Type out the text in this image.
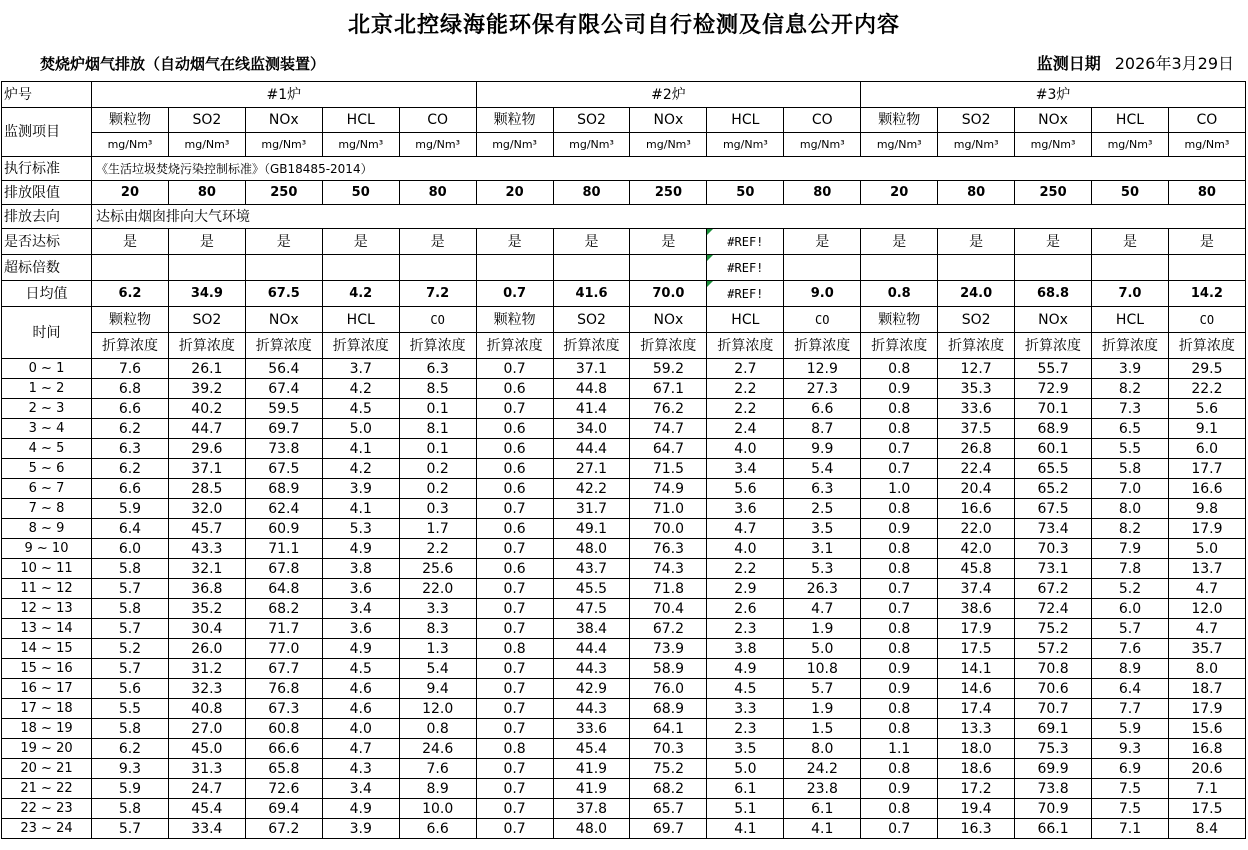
北京北控绿海能环保有限公司自行检测及信息公开内容
焚烧炉烟气排放（自动烟气在线监测装置）	监测日期 2026年3月29日
炉号	#1炉					#2炉					#3炉				
监测项目	颗粒物	SO2	NOx	HCL	CO	颗粒物	SO2	NOx	HCL	CO	颗粒物	SO2	NOx	HCL	CO
	mg/Nm³	mg/Nm³	mg/Nm³	mg/Nm³	mg/Nm³	mg/Nm³	mg/Nm³	mg/Nm³	mg/Nm³	mg/Nm³	mg/Nm³	mg/Nm³	mg/Nm³	mg/Nm³	mg/Nm³
执行标准	《生活垃圾焚烧污染控制标准》（GB18485-2014）														
排放限值	20	80	250	50	80	20	80	250	50	80	20	80	250	50	80
排放去向	达标由烟囱排向大气环境														
是否达标	是	是	是	是	是	是	是	是	#REF!	是	是	是	是	是	是
超标倍数									#REF!						
日均值	6.2	34.9	67.5	4.2	7.2	0.7	41.6	70.0	#REF!	9.0	0.8	24.0	68.8	7.0	14.2
时间	颗粒物	SO2	NOx	HCL	CO	颗粒物	SO2	NOx	HCL	CO	颗粒物	SO2	NOx	HCL	CO
	折算浓度	折算浓度	折算浓度	折算浓度	折算浓度	折算浓度	折算浓度	折算浓度	折算浓度	折算浓度	折算浓度	折算浓度	折算浓度	折算浓度	折算浓度
0 ~ 1	7.6	26.1	56.4	3.7	6.3	0.7	37.1	59.2	2.7	12.9	0.8	12.7	55.7	3.9	29.5
1 ~ 2	6.8	39.2	67.4	4.2	8.5	0.6	44.8	67.1	2.2	27.3	0.9	35.3	72.9	8.2	22.2
2 ~ 3	6.6	40.2	59.5	4.5	0.1	0.7	41.4	76.2	2.2	6.6	0.8	33.6	70.1	7.3	5.6
3 ~ 4	6.2	44.7	69.7	5.0	8.1	0.6	34.0	74.7	2.4	8.7	0.8	37.5	68.9	6.5	9.1
4 ~ 5	6.3	29.6	73.8	4.1	0.1	0.6	44.4	64.7	4.0	9.9	0.7	26.8	60.1	5.5	6.0
5 ~ 6	6.2	37.1	67.5	4.2	0.2	0.6	27.1	71.5	3.4	5.4	0.7	22.4	65.5	5.8	17.7
6 ~ 7	6.6	28.5	68.9	3.9	0.2	0.6	42.2	74.9	5.6	6.3	1.0	20.4	65.2	7.0	16.6
7 ~ 8	5.9	32.0	62.4	4.1	0.3	0.7	31.7	71.0	3.6	2.5	0.8	16.6	67.5	8.0	9.8
8 ~ 9	6.4	45.7	60.9	5.3	1.7	0.6	49.1	70.0	4.7	3.5	0.9	22.0	73.4	8.2	17.9
9 ~ 10	6.0	43.3	71.1	4.9	2.2	0.7	48.0	76.3	4.0	3.1	0.8	42.0	70.3	7.9	5.0
10 ~ 11	5.8	32.1	67.8	3.8	25.6	0.6	43.7	74.3	2.2	5.3	0.8	45.8	73.1	7.8	13.7
11 ~ 12	5.7	36.8	64.8	3.6	22.0	0.7	45.5	71.8	2.9	26.3	0.7	37.4	67.2	5.2	4.7
12 ~ 13	5.8	35.2	68.2	3.4	3.3	0.7	47.5	70.4	2.6	4.7	0.7	38.6	72.4	6.0	12.0
13 ~ 14	5.7	30.4	71.7	3.6	8.3	0.7	38.4	67.2	2.3	1.9	0.8	17.9	75.2	5.7	4.7
14 ~ 15	5.2	26.0	77.0	4.9	1.3	0.8	44.4	73.9	3.8	5.0	0.8	17.5	57.2	7.6	35.7
15 ~ 16	5.7	31.2	67.7	4.5	5.4	0.7	44.3	58.9	4.9	10.8	0.9	14.1	70.8	8.9	8.0
16 ~ 17	5.6	32.3	76.8	4.6	9.4	0.7	42.9	76.0	4.5	5.7	0.9	14.6	70.6	6.4	18.7
17 ~ 18	5.5	40.8	67.3	4.6	12.0	0.7	44.3	68.9	3.3	1.9	0.8	17.4	70.7	7.7	17.9
18 ~ 19	5.8	27.0	60.8	4.0	0.8	0.7	33.6	64.1	2.3	1.5	0.8	13.3	69.1	5.9	15.6
19 ~ 20	6.2	45.0	66.6	4.7	24.6	0.8	45.4	70.3	3.5	8.0	1.1	18.0	75.3	9.3	16.8
20 ~ 21	9.3	31.3	65.8	4.3	7.6	0.7	41.9	75.2	5.0	24.2	0.8	18.6	69.9	6.9	20.6
21 ~ 22	5.9	24.7	72.6	3.4	8.9	0.7	41.9	68.2	6.1	23.8	0.9	17.2	73.8	7.5	7.1
22 ~ 23	5.8	45.4	69.4	4.9	10.0	0.7	37.8	65.7	5.1	6.1	0.8	19.4	70.9	7.5	17.5
23 ~ 24	5.7	33.4	67.2	3.9	6.6	0.7	48.0	69.7	4.1	4.1	0.7	16.3	66.1	7.1	8.4
